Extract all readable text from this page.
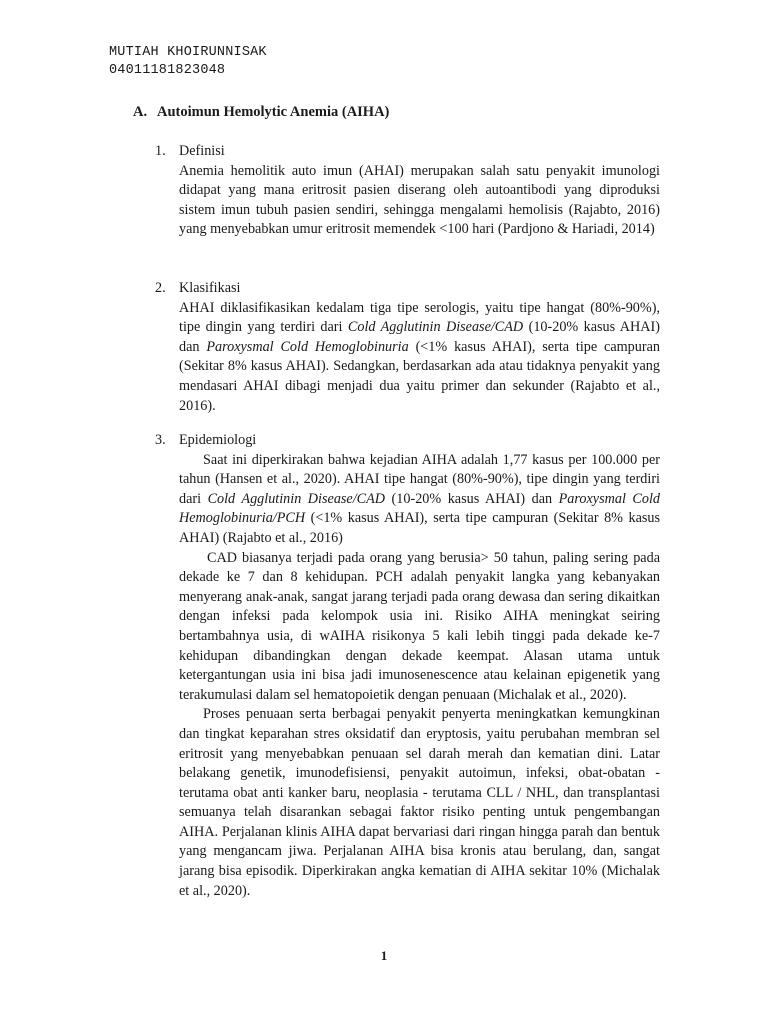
MUTIAH KHOIRUNNISAK
04011181823048
A. Autoimun Hemolytic Anemia (AIHA)
1. Definisi

Anemia hemolitik auto imun (AHAI) merupakan salah satu penyakit imunologi didapat yang mana eritrosit pasien diserang oleh autoantibodi yang diproduksi sistem imun tubuh pasien sendiri, sehingga mengalami hemolisis (Rajabto, 2016) yang menyebabkan umur eritrosit memendek <100 hari (Pardjono & Hariadi, 2014)

2. Klasifikasi

AHAI diklasifikasikan kedalam tiga tipe serologis, yaitu tipe hangat (80%-90%), tipe dingin yang terdiri dari Cold Agglutinin Disease/CAD (10-20% kasus AHAI) dan Paroxysmal Cold Hemoglobinuria (<1% kasus AHAI), serta tipe campuran (Sekitar 8% kasus AHAI). Sedangkan, berdasarkan ada atau tidaknya penyakit yang mendasari AHAI dibagi menjadi dua yaitu primer dan sekunder (Rajabto et al., 2016).

3. Epidemiologi

Saat ini diperkirakan bahwa kejadian AIHA adalah 1,77 kasus per 100.000 per tahun (Hansen et al., 2020). AHAI tipe hangat (80%-90%), tipe dingin yang terdiri dari Cold Agglutinin Disease/CAD (10-20% kasus AHAI) dan Paroxysmal Cold Hemoglobinuria/PCH (<1% kasus AHAI), serta tipe campuran (Sekitar 8% kasus AHAI) (Rajabto et al., 2016)

CAD biasanya terjadi pada orang yang berusia> 50 tahun, paling sering pada dekade ke 7 dan 8 kehidupan. PCH adalah penyakit langka yang kebanyakan menyerang anak-anak, sangat jarang terjadi pada orang dewasa dan sering dikaitkan dengan infeksi pada kelompok usia ini. Risiko AIHA meningkat seiring bertambahnya usia, di wAIHA risikonya 5 kali lebih tinggi pada dekade ke-7 kehidupan dibandingkan dengan dekade keempat. Alasan utama untuk ketergantungan usia ini bisa jadi imunosenescence atau kelainan epigenetik yang terakumulasi dalam sel hematopoietik dengan penuaan (Michalak et al., 2020).

Proses penuaan serta berbagai penyakit penyerta meningkatkan kemungkinan dan tingkat keparahan stres oksidatif dan eryptosis, yaitu perubahan membran sel eritrosit yang menyebabkan penuaan sel darah merah dan kematian dini. Latar belakang genetik, imunodefisiensi, penyakit autoimun, infeksi, obat-obatan - terutama obat anti kanker baru, neoplasia - terutama CLL / NHL, dan transplantasi semuanya telah disarankan sebagai faktor risiko penting untuk pengembangan AIHA. Perjalanan klinis AIHA dapat bervariasi dari ringan hingga parah dan bentuk yang mengancam jiwa. Perjalanan AIHA bisa kronis atau berulang, dan, sangat jarang bisa episodik. Diperkirakan angka kematian di AIHA sekitar 10% (Michalak et al., 2020).

1
